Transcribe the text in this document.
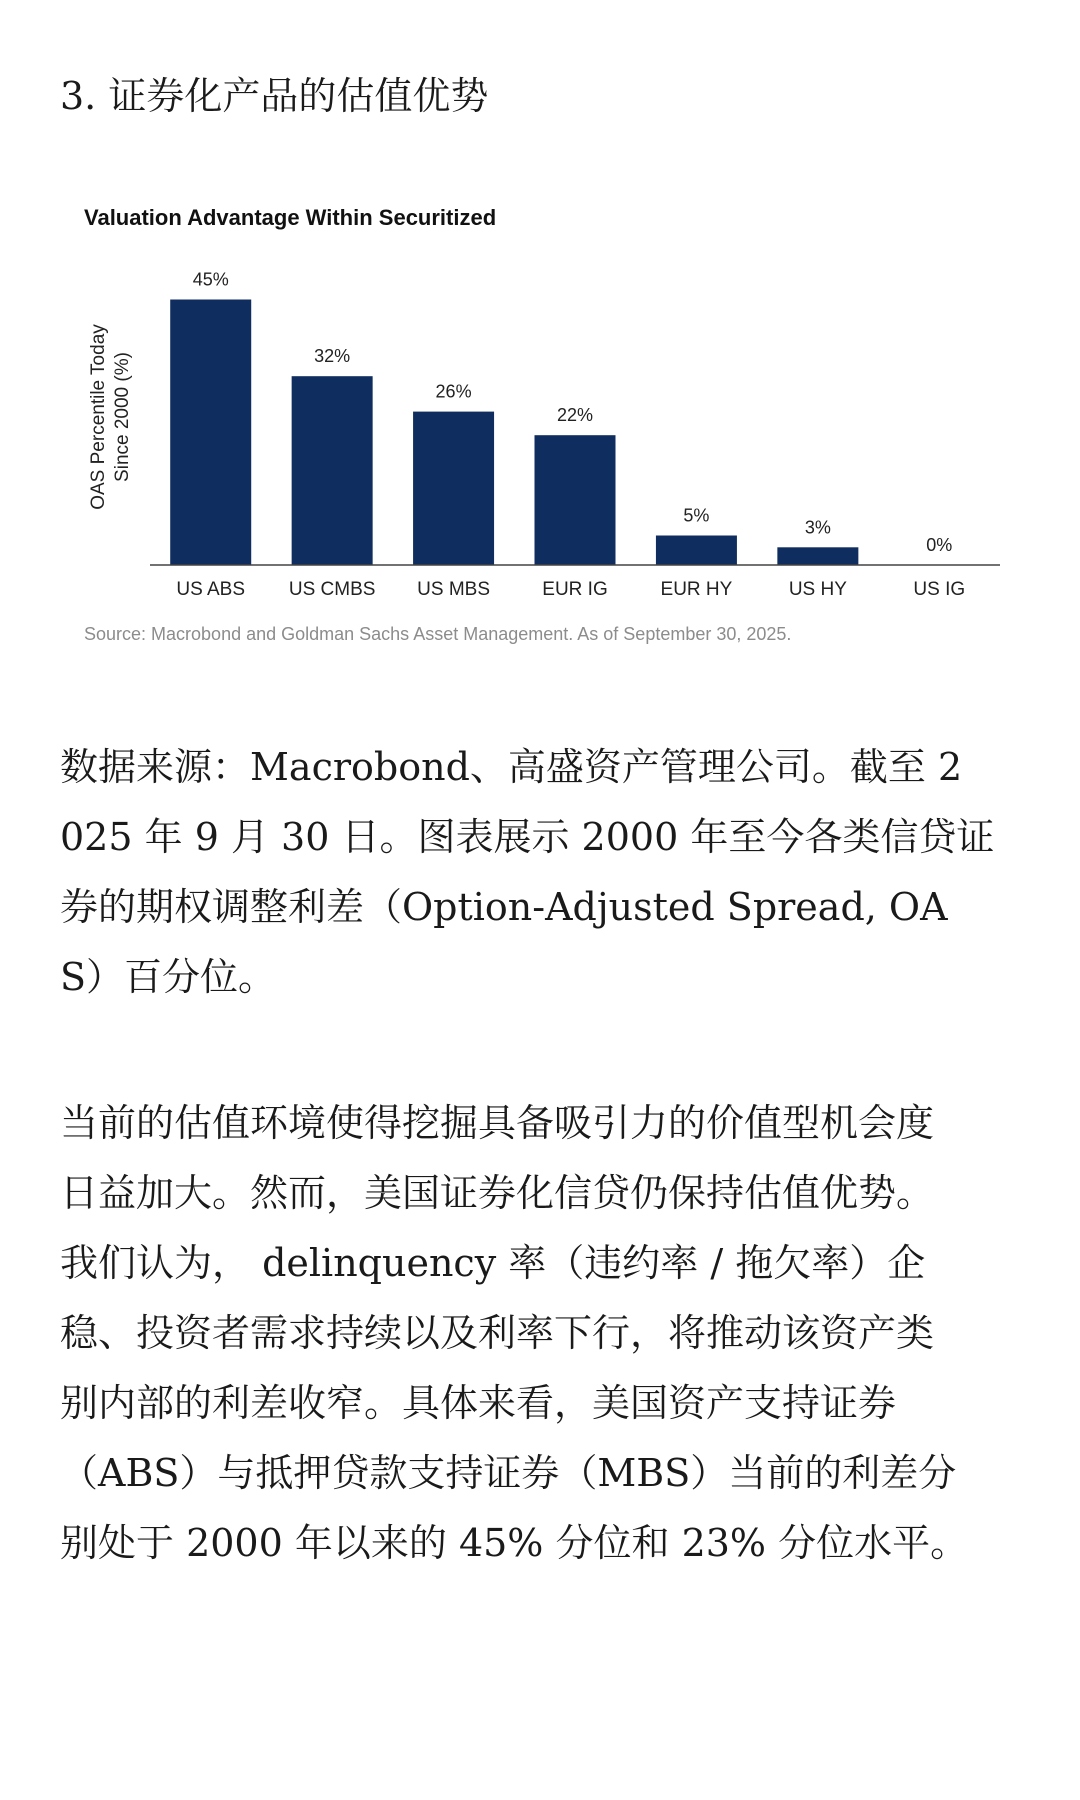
3. 证券化产品的估值优势
Valuation Advantage Within Securitized
OAS Percentile Today Since 2000 (%)
45%
US ABS
32%
US CMBS
26%
US MBS
22%
EUR IG
5%
EUR HY
3%
US HY
0%
US IG
Source: Macrobond and Goldman Sachs Asset Management. As of September 30, 2025.
数据来源：Macrobond、高盛资产管理公司。截至 2
025 年 9 月 30 日。图表展示 2000 年至今各类信贷证
券的期权调整利差（Option-Adjusted Spread, OA
S）百分位。
当前的估值环境使得挖掘具备吸引力的价值型机会度
日益加大。然而，美国证券化信贷仍保持估值优势。
我们认为， delinquency 率（违约率 / 拖欠率）企
稳、投资者需求持续以及利率下行，将推动该资产类
别内部的利差收窄。具体来看，美国资产支持证券
（ABS）与抵押贷款支持证券（MBS）当前的利差分
别处于 2000 年以来的 45% 分位和 23% 分位水平。
